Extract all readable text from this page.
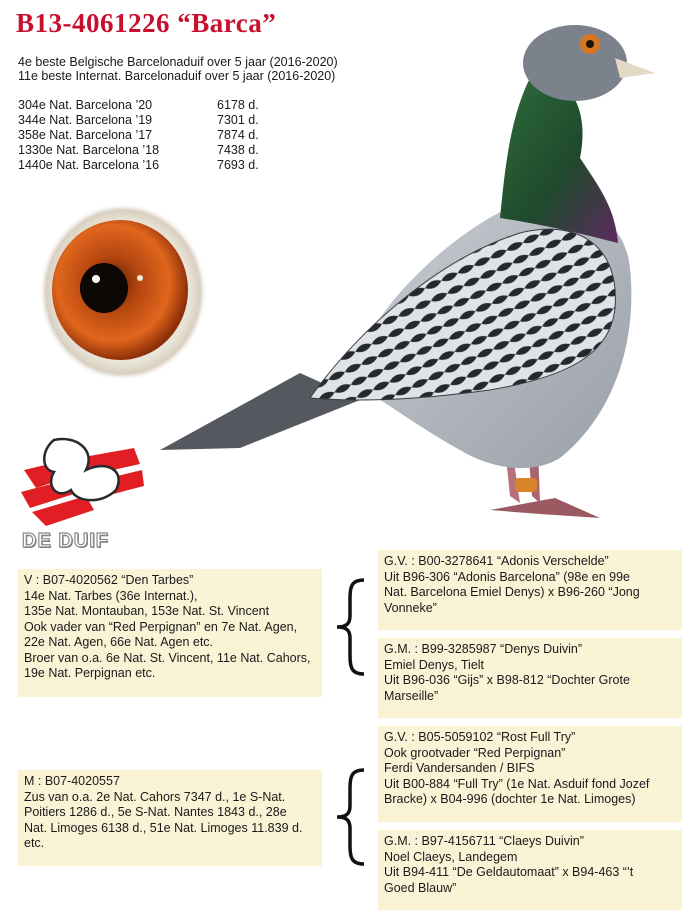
B13-4061226 “Barca”
4e beste Belgische Barcelonaduif over 5 jaar (2016-2020)
11e beste Internat. Barcelonaduif over 5 jaar (2016-2020)
304e Nat. Barcelona ’20	6178 d.
344e Nat. Barcelona ’19	7301 d.
358e Nat. Barcelona ’17	7874 d.
1330e Nat. Barcelona ’18	7438 d.
1440e Nat. Barcelona ’16	7693 d.
DE DUIF
V : B07-4020562 “Den Tarbes”
14e Nat. Tarbes (36e Internat.),
135e Nat. Montauban, 153e Nat. St. Vincent
Ook vader van “Red Perpignan” en 7e Nat. Agen,
22e Nat. Agen, 66e Nat. Agen etc.
Broer van o.a. 6e Nat. St. Vincent, 11e Nat. Cahors,
19e Nat. Perpignan etc.
M : B07-4020557
Zus van o.a. 2e Nat. Cahors 7347 d., 1e S-Nat.
Poitiers 1286 d., 5e S-Nat. Nantes 1843 d., 28e
Nat. Limoges 6138 d., 51e Nat. Limoges 11.839 d.
etc.
G.V. : B00-3278641 “Adonis Verschelde”
Uit B96-306 “Adonis Barcelona” (98e en 99e
Nat. Barcelona Emiel Denys) x B96-260 “Jong
Vonneke”
G.M. : B99-3285987 “Denys Duivin”
Emiel Denys, Tielt
Uit B96-036 “Gijs” x B98-812 “Dochter Grote
Marseille”
G.V. : B05-5059102 “Rost Full Try”
Ook grootvader “Red Perpignan”
Ferdi Vandersanden / BIFS
Uit B00-884 “Full Try” (1e Nat. Asduif fond Jozef
Bracke) x B04-996 (dochter 1e Nat. Limoges)
G.M. : B97-4156711 “Claeys Duivin”
Noel Claeys, Landegem
Uit B94-411 “De Geldautomaat” x B94-463 “’t
Goed Blauw”
